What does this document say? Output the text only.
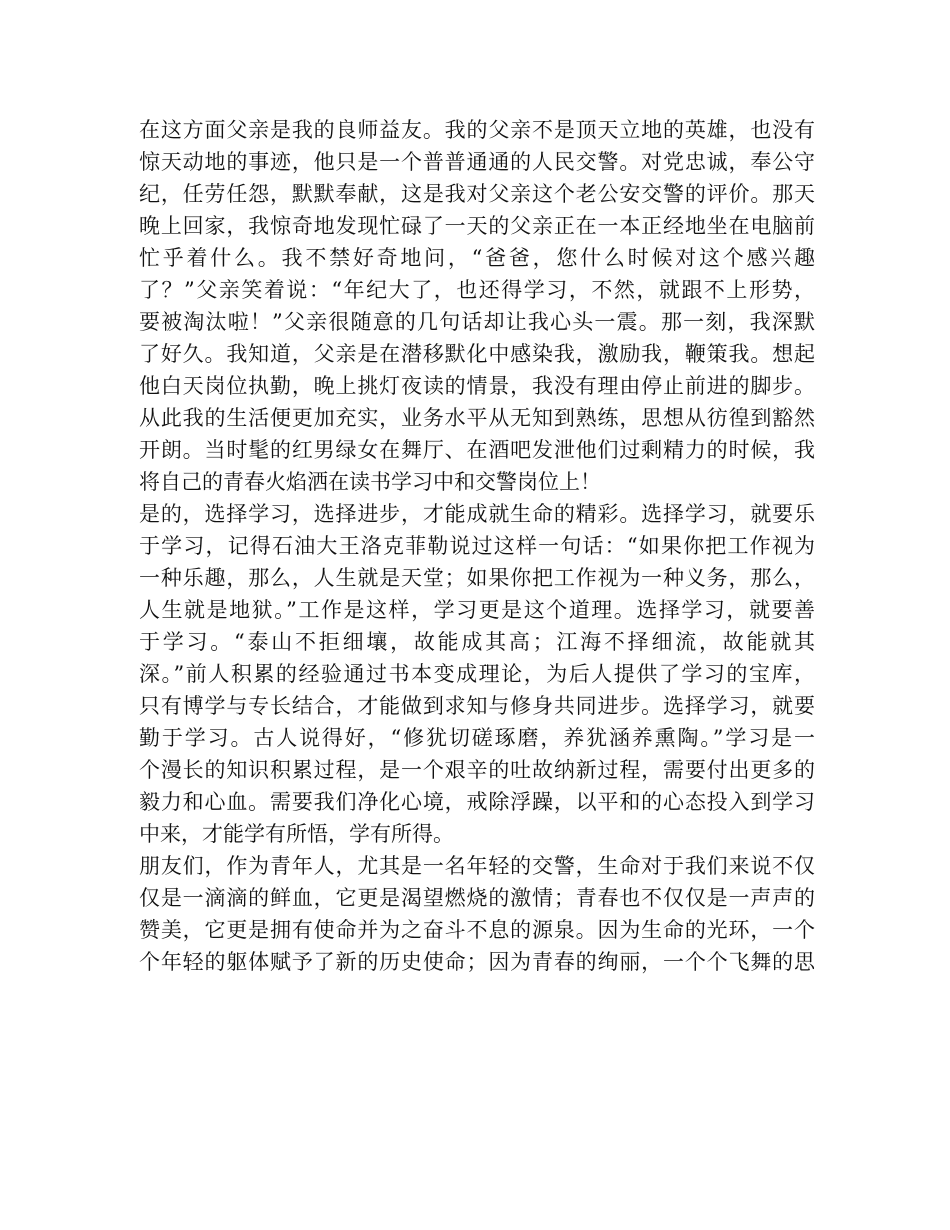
在这方面父亲是我的良师益友。我的父亲不是顶天立地的英雄，也没有
惊天动地的事迹，他只是一个普普通通的人民交警。对党忠诚，奉公守
纪，任劳任怨，默默奉献，这是我对父亲这个老公安交警的评价。那天
晚上回家，我惊奇地发现忙碌了一天的父亲正在一本正经地坐在电脑前
忙乎着什么。我不禁好奇地问，“爸爸，您什么时候对这个感兴趣
了？”父亲笑着说：“年纪大了，也还得学习，不然，就跟不上形势，
要被淘汰啦！”父亲很随意的几句话却让我心头一震。那一刻，我深默
了好久。我知道，父亲是在潜移默化中感染我，激励我，鞭策我。想起
他白天岗位执勤，晚上挑灯夜读的情景，我没有理由停止前进的脚步。
从此我的生活便更加充实，业务水平从无知到熟练，思想从彷徨到豁然
开朗。当时髦的红男绿女在舞厅、在酒吧发泄他们过剩精力的时候，我
将自己的青春火焰洒在读书学习中和交警岗位上！
是的，选择学习，选择进步，才能成就生命的精彩。选择学习，就要乐
于学习，记得石油大王洛克菲勒说过这样一句话：“如果你把工作视为
一种乐趣，那么，人生就是天堂；如果你把工作视为一种义务，那么，
人生就是地狱。”工作是这样，学习更是这个道理。选择学习，就要善
于学习。“泰山不拒细壤，故能成其高；江海不择细流，故能就其
深。”前人积累的经验通过书本变成理论，为后人提供了学习的宝库，
只有博学与专长结合，才能做到求知与修身共同进步。选择学习，就要
勤于学习。古人说得好，“修犹切磋琢磨，养犹涵养熏陶。”学习是一
个漫长的知识积累过程，是一个艰辛的吐故纳新过程，需要付出更多的
毅力和心血。需要我们净化心境，戒除浮躁，以平和的心态投入到学习
中来，才能学有所悟，学有所得。
朋友们，作为青年人，尤其是一名年轻的交警，生命对于我们来说不仅
仅是一滴滴的鲜血，它更是渴望燃烧的激情；青春也不仅仅是一声声的
赞美，它更是拥有使命并为之奋斗不息的源泉。因为生命的光环，一个
个年轻的躯体赋予了新的历史使命；因为青春的绚丽，一个个飞舞的思
